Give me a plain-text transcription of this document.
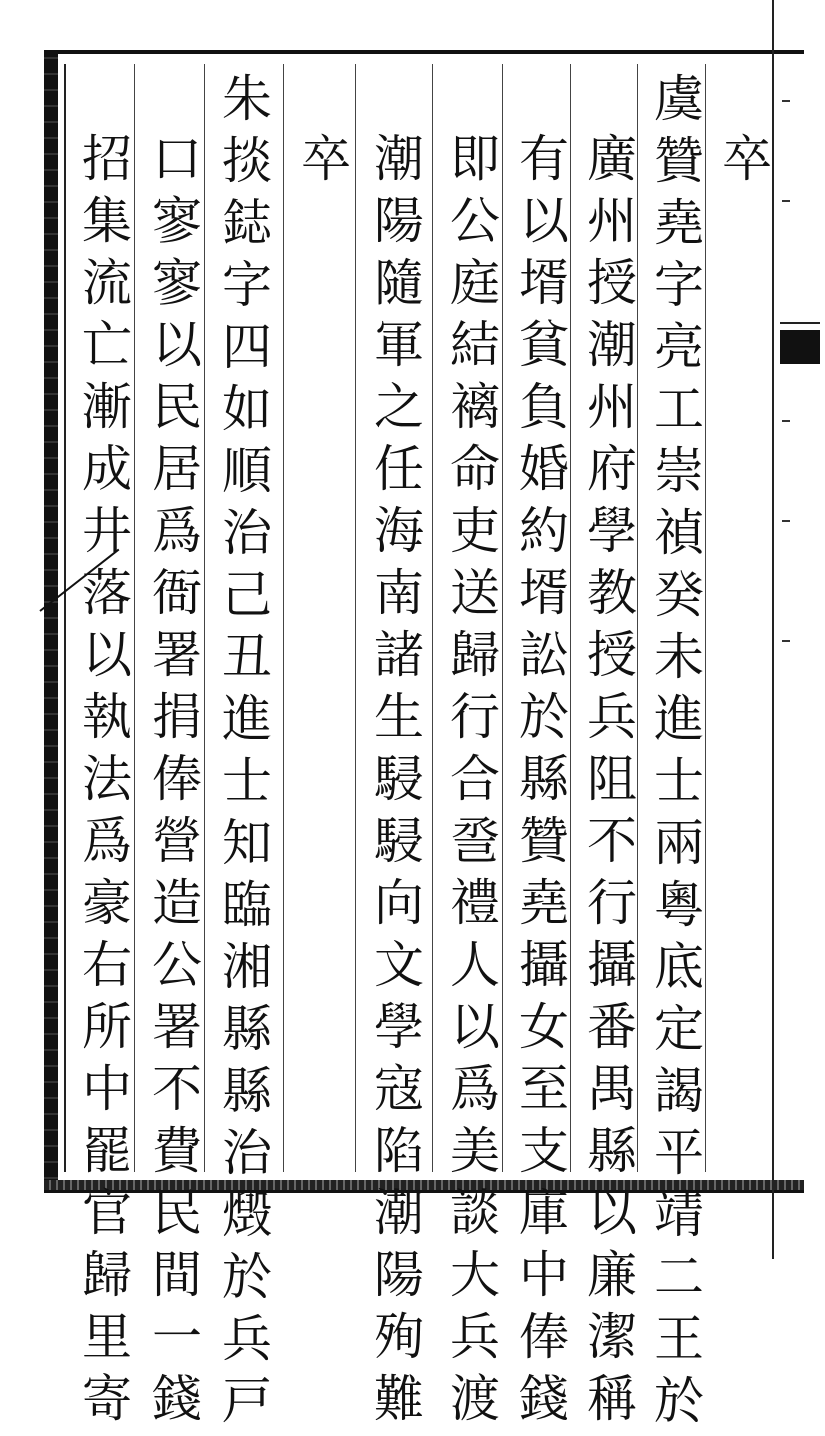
卒
虞贊堯字亮工崇禎癸未進士兩粵底定謁平靖二王於
廣州授潮州府學教授兵阻不行攝番禺縣以廉潔稱
有以壻貧負婚約壻訟於縣贊堯攝女至支庫中俸錢
即公庭結褵命吏送歸行合巹禮人以爲美談大兵渡
潮陽隨軍之任海南諸生駸駸向文學寇陷潮陽殉難
卒
朱掞鋕字四如順治己丑進士知臨湘縣縣治燬於兵戸
口寥寥以民居爲衙署捐俸營造公署不費民間一錢
招集流亡漸成井落以執法爲豪右所中罷官歸里寄
